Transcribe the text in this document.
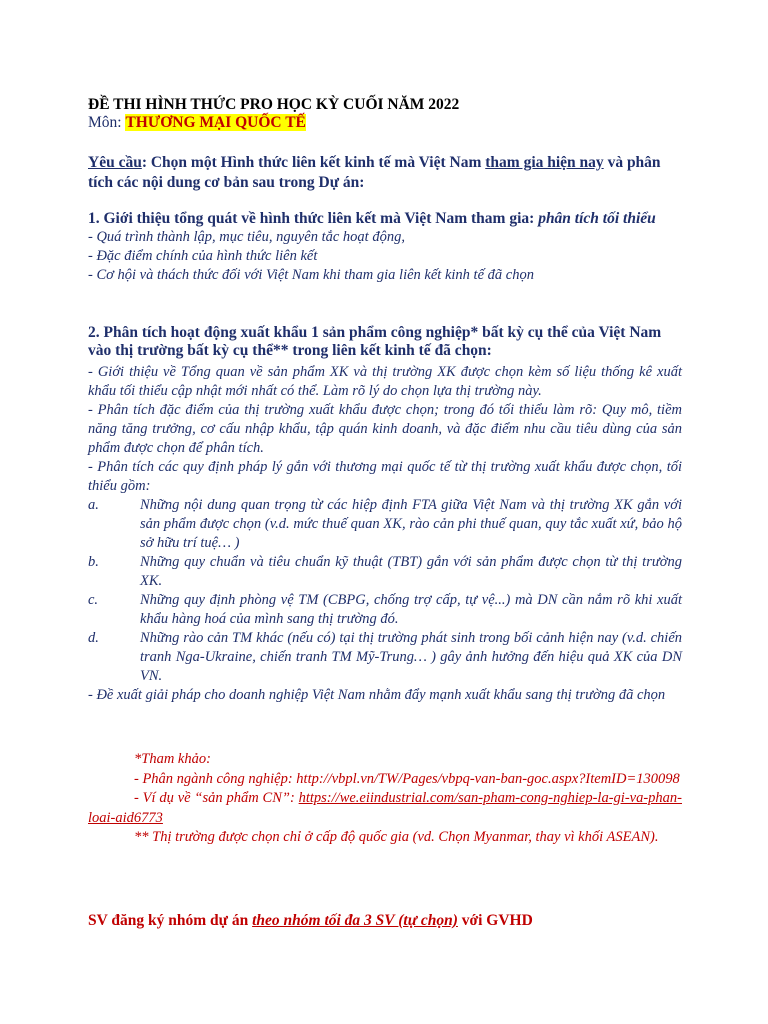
ĐỀ THI HÌNH THỨC PRO HỌC KỲ CUỐI NĂM 2022
Môn: THƯƠNG MẠI QUỐC TẾ
Yêu cầu: Chọn một Hình thức liên kết kinh tế mà Việt Nam tham gia hiện nay và phân tích các nội dung cơ bản sau trong Dự án:
1. Giới thiệu tổng quát về hình thức liên kết mà Việt Nam tham gia: phân tích tối thiểu
- Quá trình thành lập, mục tiêu, nguyên tắc hoạt động,
- Đặc điểm chính của hình thức liên kết
- Cơ hội và thách thức đối với Việt Nam khi tham gia liên kết kinh tế đã chọn
2. Phân tích hoạt động xuất khẩu 1 sản phẩm công nghiệp* bất kỳ cụ thể của Việt Nam vào thị trường bất kỳ cụ thể** trong liên kết kinh tế đã chọn:
- Giới thiệu về Tổng quan về sản phẩm XK và thị trường XK được chọn kèm số liệu thống kê xuất khẩu tối thiểu cập nhật mới nhất có thể. Làm rõ lý do chọn lựa thị trường này.
- Phân tích đặc điểm của thị trường xuất khẩu được chọn; trong đó tối thiểu làm rõ: Quy mô, tiềm năng tăng trưởng, cơ cấu nhập khẩu, tập quán kinh doanh, và đặc điểm nhu cầu tiêu dùng của sản phẩm được chọn để phân tích.
- Phân tích các quy định pháp lý gắn với thương mại quốc tế từ thị trường xuất khẩu được chọn, tối thiểu gồm:
a.	Những nội dung quan trọng từ các hiệp định FTA giữa Việt Nam và thị trường XK gắn với sản phẩm được chọn (v.d. mức thuế quan XK, rào cản phi thuế quan, quy tắc xuất xứ, bảo hộ sở hữu trí tuệ… )
b.	Những quy chuẩn và tiêu chuẩn kỹ thuật (TBT) gắn với sản phẩm được chọn từ thị trường XK.
c.	Những quy định phòng vệ TM (CBPG, chống trợ cấp, tự vệ...) mà DN cần nắm rõ khi xuất khẩu hàng hoá của mình sang thị trường đó.
d.	Những rào cản TM khác (nếu có) tại thị trường phát sinh trong bối cảnh hiện nay (v.d. chiến tranh Nga-Ukraine, chiến tranh TM Mỹ-Trung… ) gây ảnh hưởng đến hiệu quả XK của DN VN.
- Đề xuất giải pháp cho doanh nghiệp Việt Nam nhằm đẩy mạnh xuất khẩu sang thị trường đã chọn
*Tham khảo:
- Phân ngành công nghiệp: http://vbpl.vn/TW/Pages/vbpq-van-ban-goc.aspx?ItemID=130098
- Ví dụ về “sản phẩm CN”: https://we.eiindustrial.com/san-pham-cong-nghiep-la-gi-va-phan-loai-aid6773
** Thị trường được chọn chỉ ở cấp độ quốc gia (vd. Chọn Myanmar, thay vì khối ASEAN).
SV đăng ký nhóm dự án theo nhóm tối đa 3 SV (tự chọn) với GVHD
